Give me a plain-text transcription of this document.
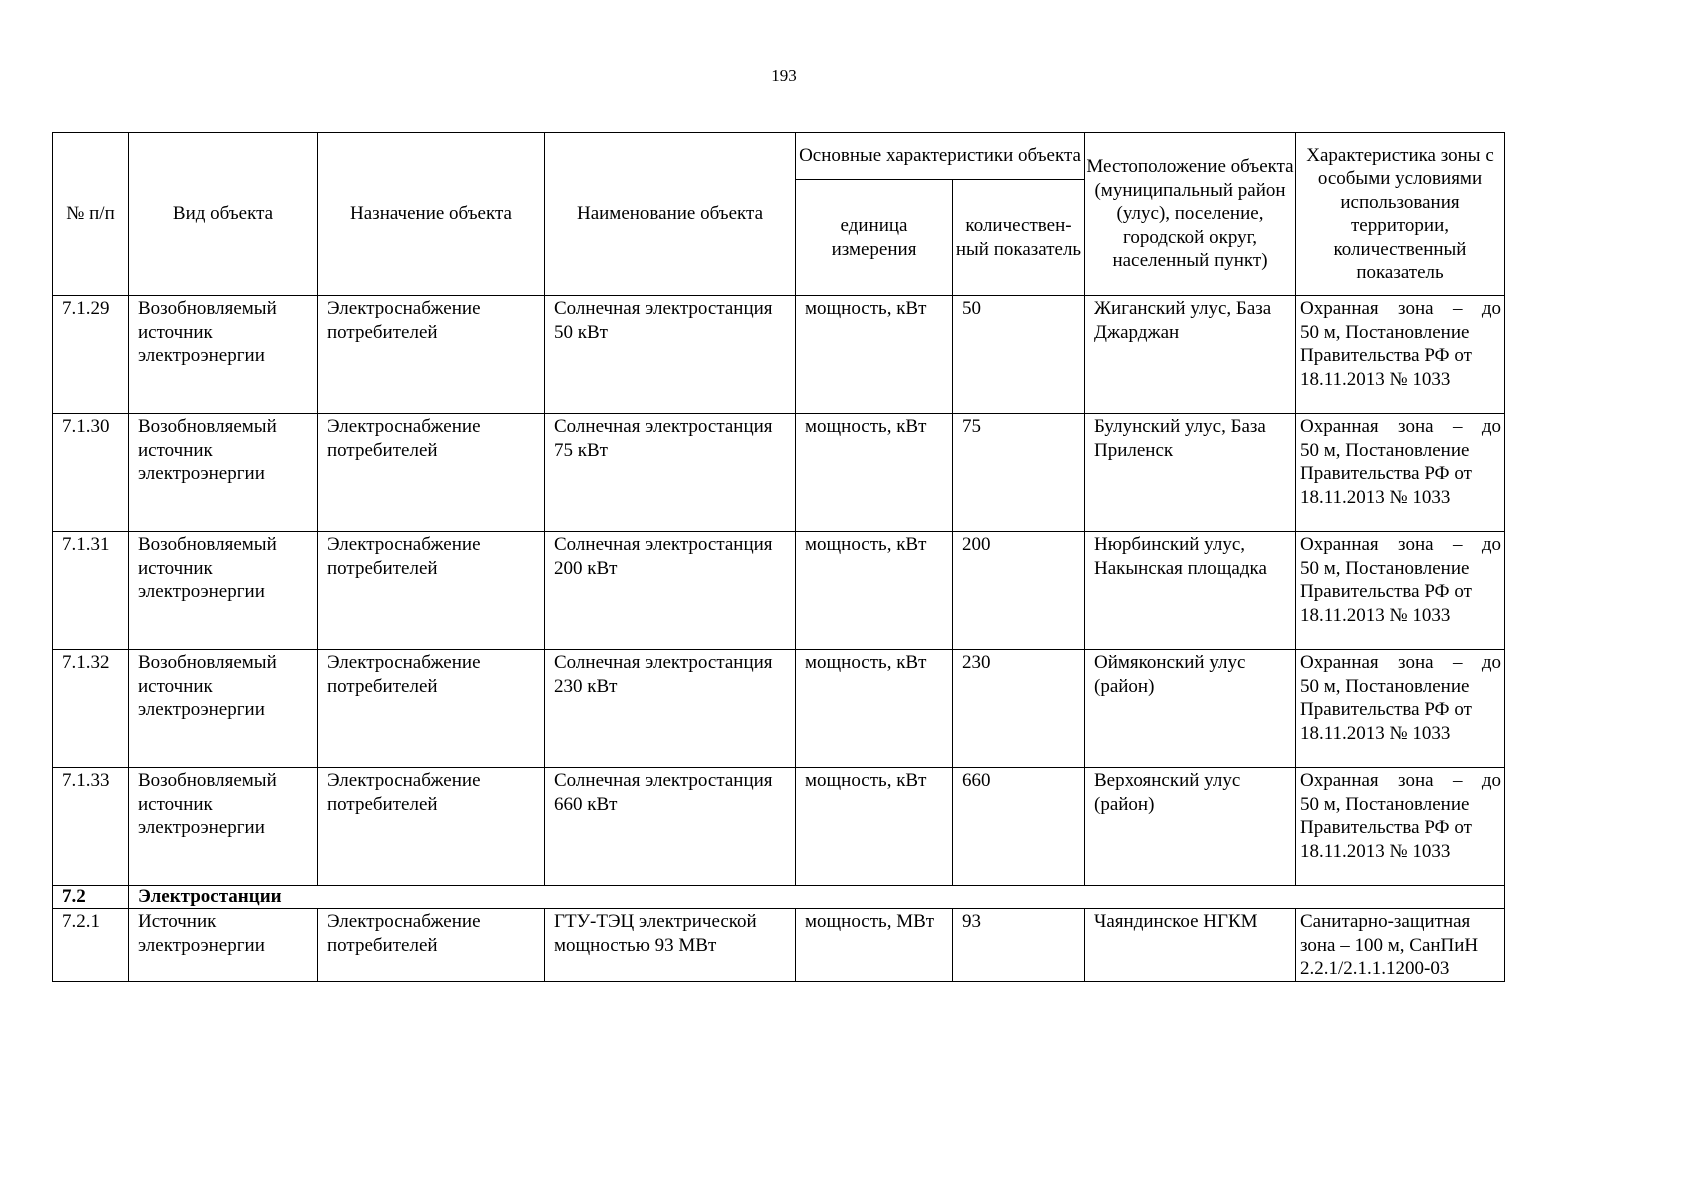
193
№ п/п	Вид объекта	Назначение объекта	Наименование объекта	Основные характеристики объекта		Местоположение объекта (муниципальный район (улус), поселение, городской округ, населенный пункт)	Характеристика зоны с особыми условиями использования территории, количественный показатель
				единица измерения	количествен-ный показатель		
7.1.29	Возобновляемый источник электроэнергии	Электроснабжение потребителей	Солнечная электростанция 50 кВт	мощность, кВт	50	Жиганский улус, База Джарджан	Охранная зона – до
50 м, Постановление Правительства РФ от 18.11.2013 № 1033

7.1.30	Возобновляемый источник электроэнергии	Электроснабжение потребителей	Солнечная электростанция 75 кВт	мощность, кВт	75	Булунский улус, База Приленск	Охранная зона – до
50 м, Постановление Правительства РФ от 18.11.2013 № 1033

7.1.31	Возобновляемый источник электроэнергии	Электроснабжение потребителей	Солнечная электростанция 200 кВт	мощность, кВт	200	Нюрбинский улус, Накынская площадка	Охранная зона – до
50 м, Постановление Правительства РФ от 18.11.2013 № 1033

7.1.32	Возобновляемый источник электроэнергии	Электроснабжение потребителей	Солнечная электростанция 230 кВт	мощность, кВт	230	Оймяконский улус (район)	Охранная зона – до
50 м, Постановление Правительства РФ от 18.11.2013 № 1033

7.1.33	Возобновляемый источник электроэнергии	Электроснабжение потребителей	Солнечная электростанция 660 кВт	мощность, кВт	660	Верхоянский улус (район)	Охранная зона – до
50 м, Постановление Правительства РФ от 18.11.2013 № 1033

7.2	Электростанции						
7.2.1	Источник электроэнергии	Электроснабжение потребителей	ГТУ-ТЭЦ электрической мощностью 93 МВт	мощность, МВт	93	Чаяндинское НГКМ	Санитарно-защитная зона – 100 м, СанПиН 2.2.1/2.1.1.1200-03
